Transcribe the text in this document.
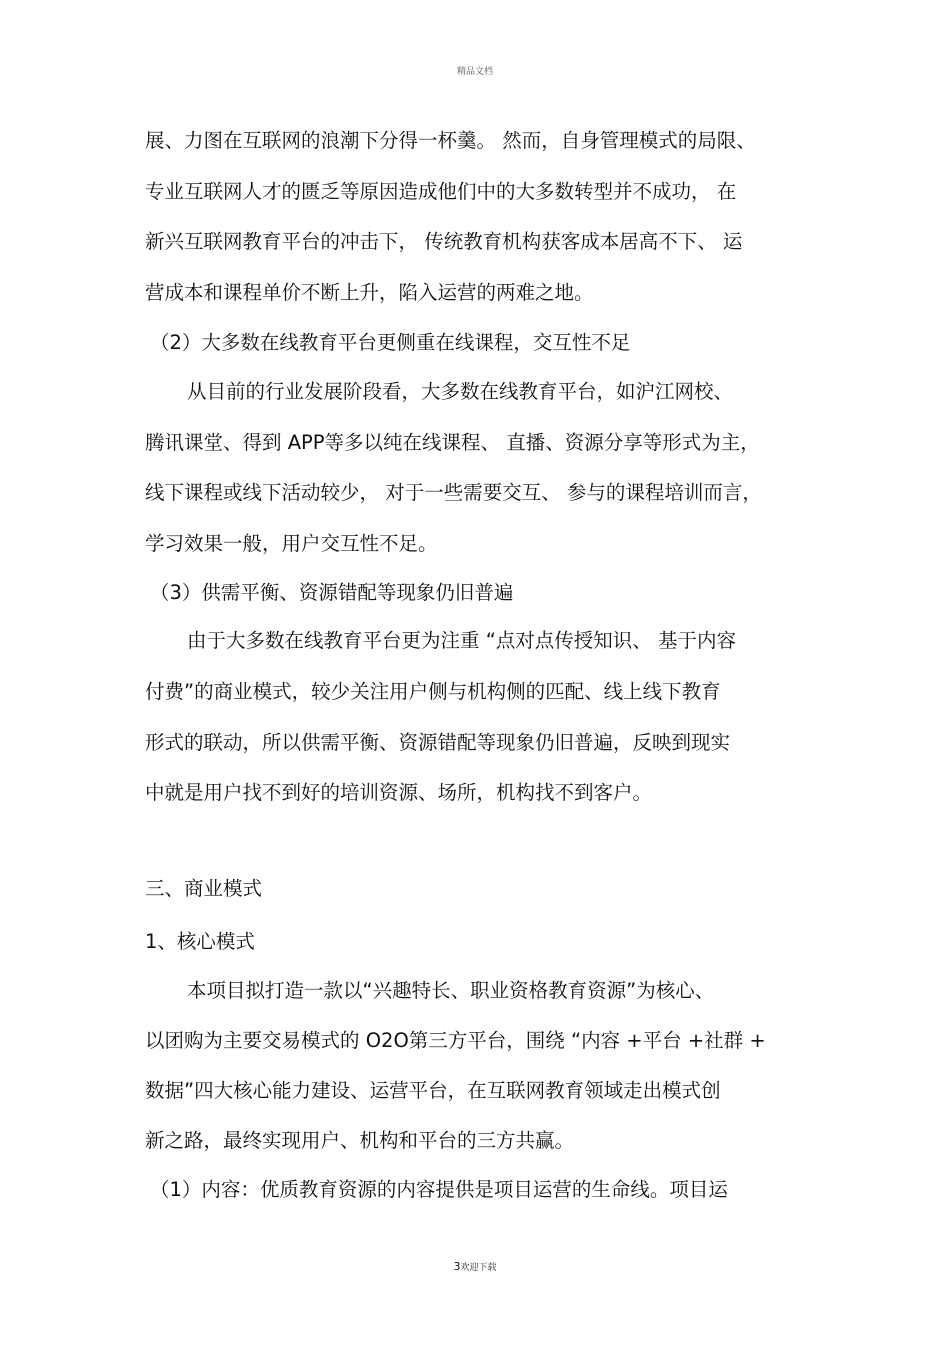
精品文档
展、力图在互联网的浪潮下分得一杯羹。 然而，自身管理模式的局限、
专业互联网人才的匮乏等原因造成他们中的大多数转型并不成功， 在
新兴互联网教育平台的冲击下， 传统教育机构获客成本居高不下、 运
营成本和课程单价不断上升，陷入运营的两难之地。
（2）大多数在线教育平台更侧重在线课程，交互性不足
从目前的行业发展阶段看，大多数在线教育平台，如沪江网校、
腾讯课堂、得到 APP等多以纯在线课程、 直播、资源分享等形式为主，
线下课程或线下活动较少， 对于一些需要交互、 参与的课程培训而言，
学习效果一般，用户交互性不足。
（3）供需平衡、资源错配等现象仍旧普遍
由于大多数在线教育平台更为注重 “点对点传授知识、 基于内容
付费”的商业模式，较少关注用户侧与机构侧的匹配、线上线下教育
形式的联动，所以供需平衡、资源错配等现象仍旧普遍，反映到现实
中就是用户找不到好的培训资源、场所，机构找不到客户。
三、商业模式
1、核心模式
本项目拟打造一款以“兴趣特长、职业资格教育资源”为核心、
以团购为主要交易模式的 O2O第三方平台，围绕 “内容 +平台 +社群 +
数据”四大核心能力建设、运营平台，在互联网教育领域走出模式创
新之路，最终实现用户、机构和平台的三方共赢。
（1）内容：优质教育资源的内容提供是项目运营的生命线。项目运
3欢迎下载
